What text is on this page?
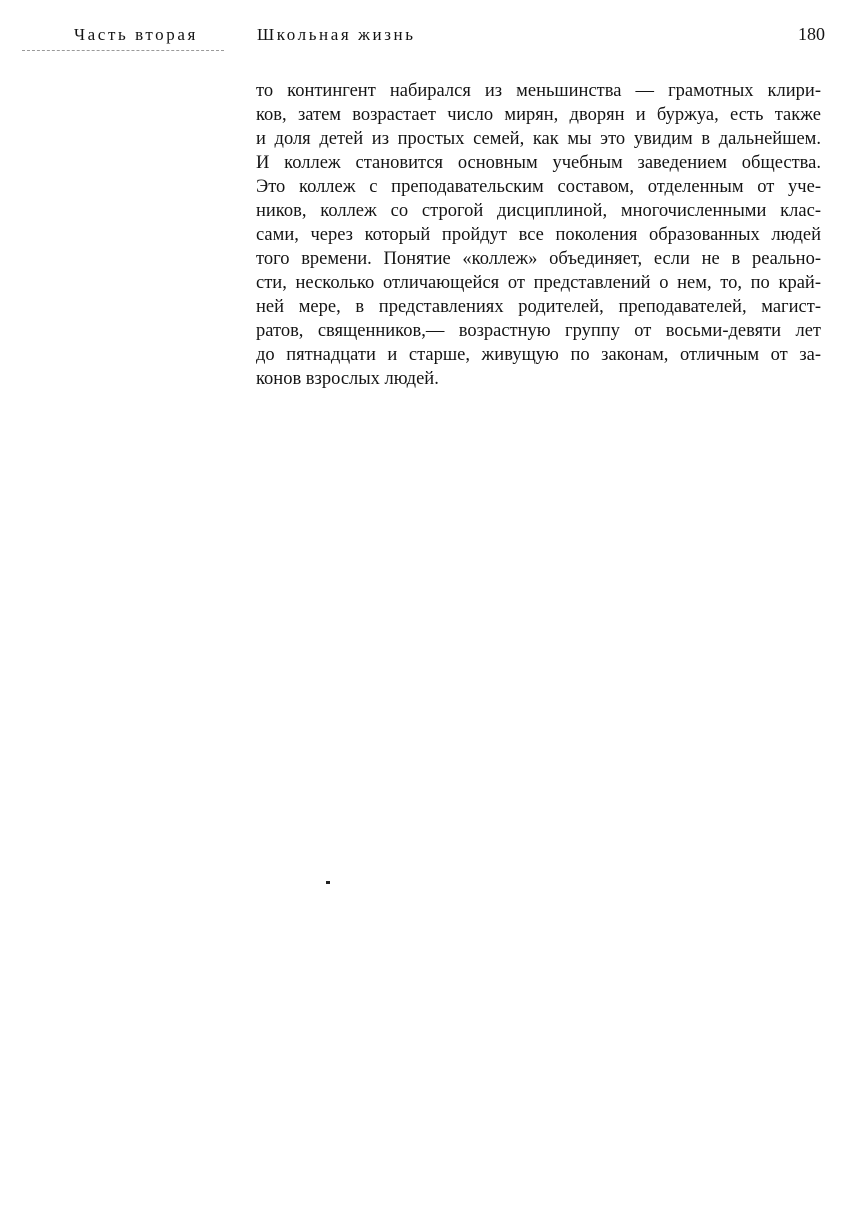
Часть вторая	Школьная жизнь	180
то контингент набирался из меньшинства — грамотных клири-
ков, затем возрастает число мирян, дворян и буржуа, есть также
и доля детей из простых семей, как мы это увидим в дальнейшем.
И коллеж становится основным учебным заведением общества.
Это коллеж с преподавательским составом, отделенным от уче-
ников, коллеж со строгой дисциплиной, многочисленными клас-
сами, через который пройдут все поколения образованных людей
того времени. Понятие «коллеж» объединяет, если не в реально-
сти, несколько отличающейся от представлений о нем, то, по край-
ней мере, в представлениях родителей, преподавателей, магист-
ратов, священников,— возрастную группу от восьми-девяти лет
до пятнадцати и старше, живущую по законам, отличным от за-
конов взрослых людей.
